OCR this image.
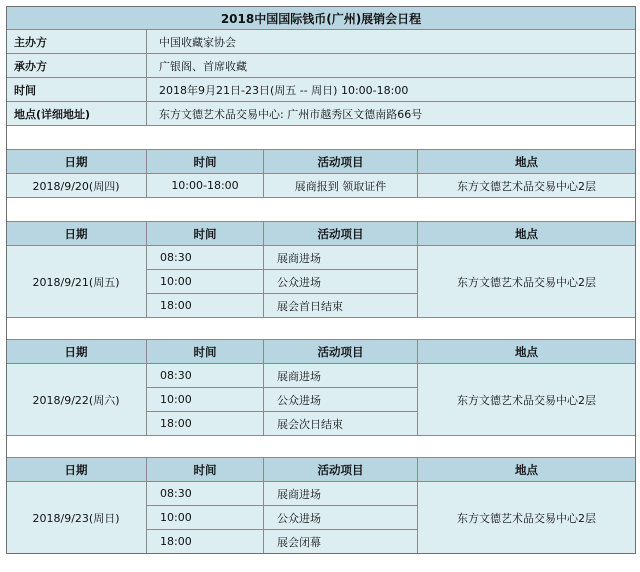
2018中国国际钱币(广州)展销会日程
主办方	中国收藏家协会
承办方	广银阁、首席收藏
时间	2018年9月21日-23日(周五 -- 周日) 10:00-18:00
地点(详细地址)	东方文德艺术品交易中心: 广州市越秀区文德南路66号
日期	时间	活动项目	地点
2018/9/20(周四)	10:00-18:00	展商报到 领取证件	东方文德艺术品交易中心2层
日期	时间	活动项目	地点
2018/9/21(周五)
08:30	展商进场
10:00	公众进场
18:00	展会首日结束
东方文德艺术品交易中心2层
日期	时间	活动项目	地点
2018/9/22(周六)
08:30	展商进场
10:00	公众进场
18:00	展会次日结束
东方文德艺术品交易中心2层
日期	时间	活动项目	地点
2018/9/23(周日)
08:30	展商进场
10:00	公众进场
18:00	展会闭幕
东方文德艺术品交易中心2层
